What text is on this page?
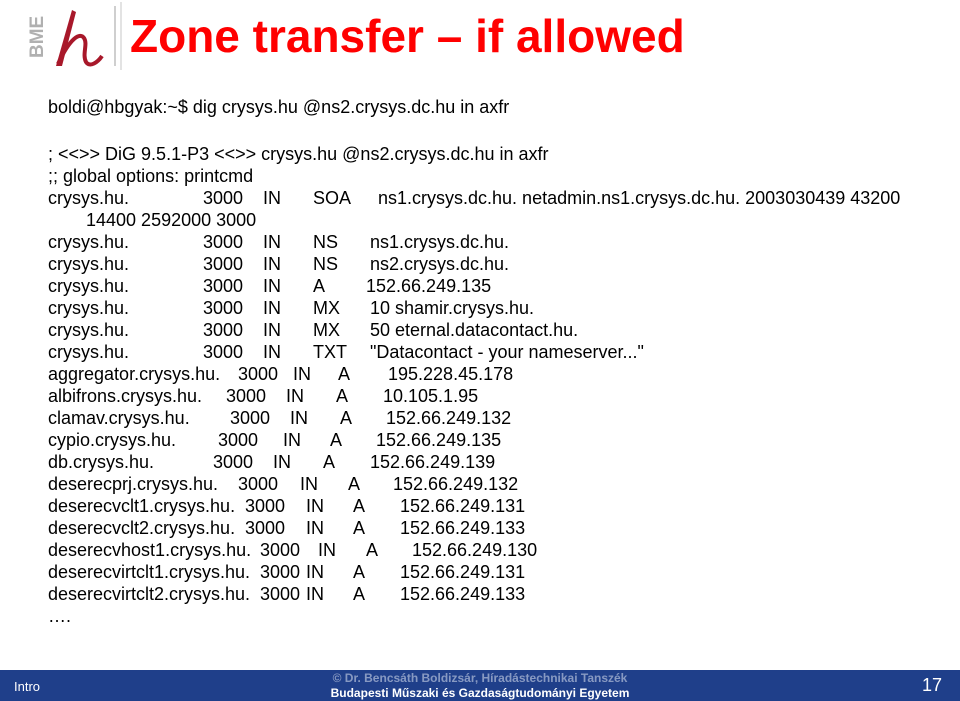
BME Zone transfer – if allowed
boldi@hbgyak:~$ dig crysys.hu @ns2.crysys.dc.hu in axfr
; <<>> DiG 9.5.1-P3 <<>> crysys.hu @ns2.crysys.dc.hu in axfr
;; global options: printcmd
crysys.hu.	3000 IN SOA ns1.crysys.dc.hu. netadmin.ns1.crysys.dc.hu. 2003030439 43200
14400 2592000 3000
crysys.hu.	3000 IN NS ns1.crysys.dc.hu.
crysys.hu.	3000 IN NS ns2.crysys.dc.hu.
crysys.hu.	3000 IN A 152.66.249.135
crysys.hu.	3000 IN MX 10 shamir.crysys.hu.
crysys.hu.	3000 IN MX 50 eternal.datacontact.hu.
crysys.hu.	3000 IN TXT "Datacontact - your nameserver..."
aggregator.crysys.hu. 3000 IN A 195.228.45.178
albifrons.crysys.hu. 3000 IN A 10.105.1.95
clamav.crysys.hu. 3000 IN A 152.66.249.132
cypio.crysys.hu. 3000 IN A 152.66.249.135
db.crysys.hu.	3000 IN A 152.66.249.139
deserecprj.crysys.hu. 3000 IN A 152.66.249.132
deserecvclt1.crysys.hu. 3000 IN A 152.66.249.131
deserecvclt2.crysys.hu. 3000 IN A 152.66.249.133
deserecvhost1.crysys.hu. 3000 IN A 152.66.249.130
deserecvirtclt1.crysys.hu. 3000 IN A 152.66.249.131
deserecvirtclt2.crysys.hu. 3000 IN A 152.66.249.133
….
Intro
© Dr. Bencsáth Boldizsár, Híradástechnikai Tanszék
Budapesti Műszaki és Gazdaságtudományi Egyetem	17
